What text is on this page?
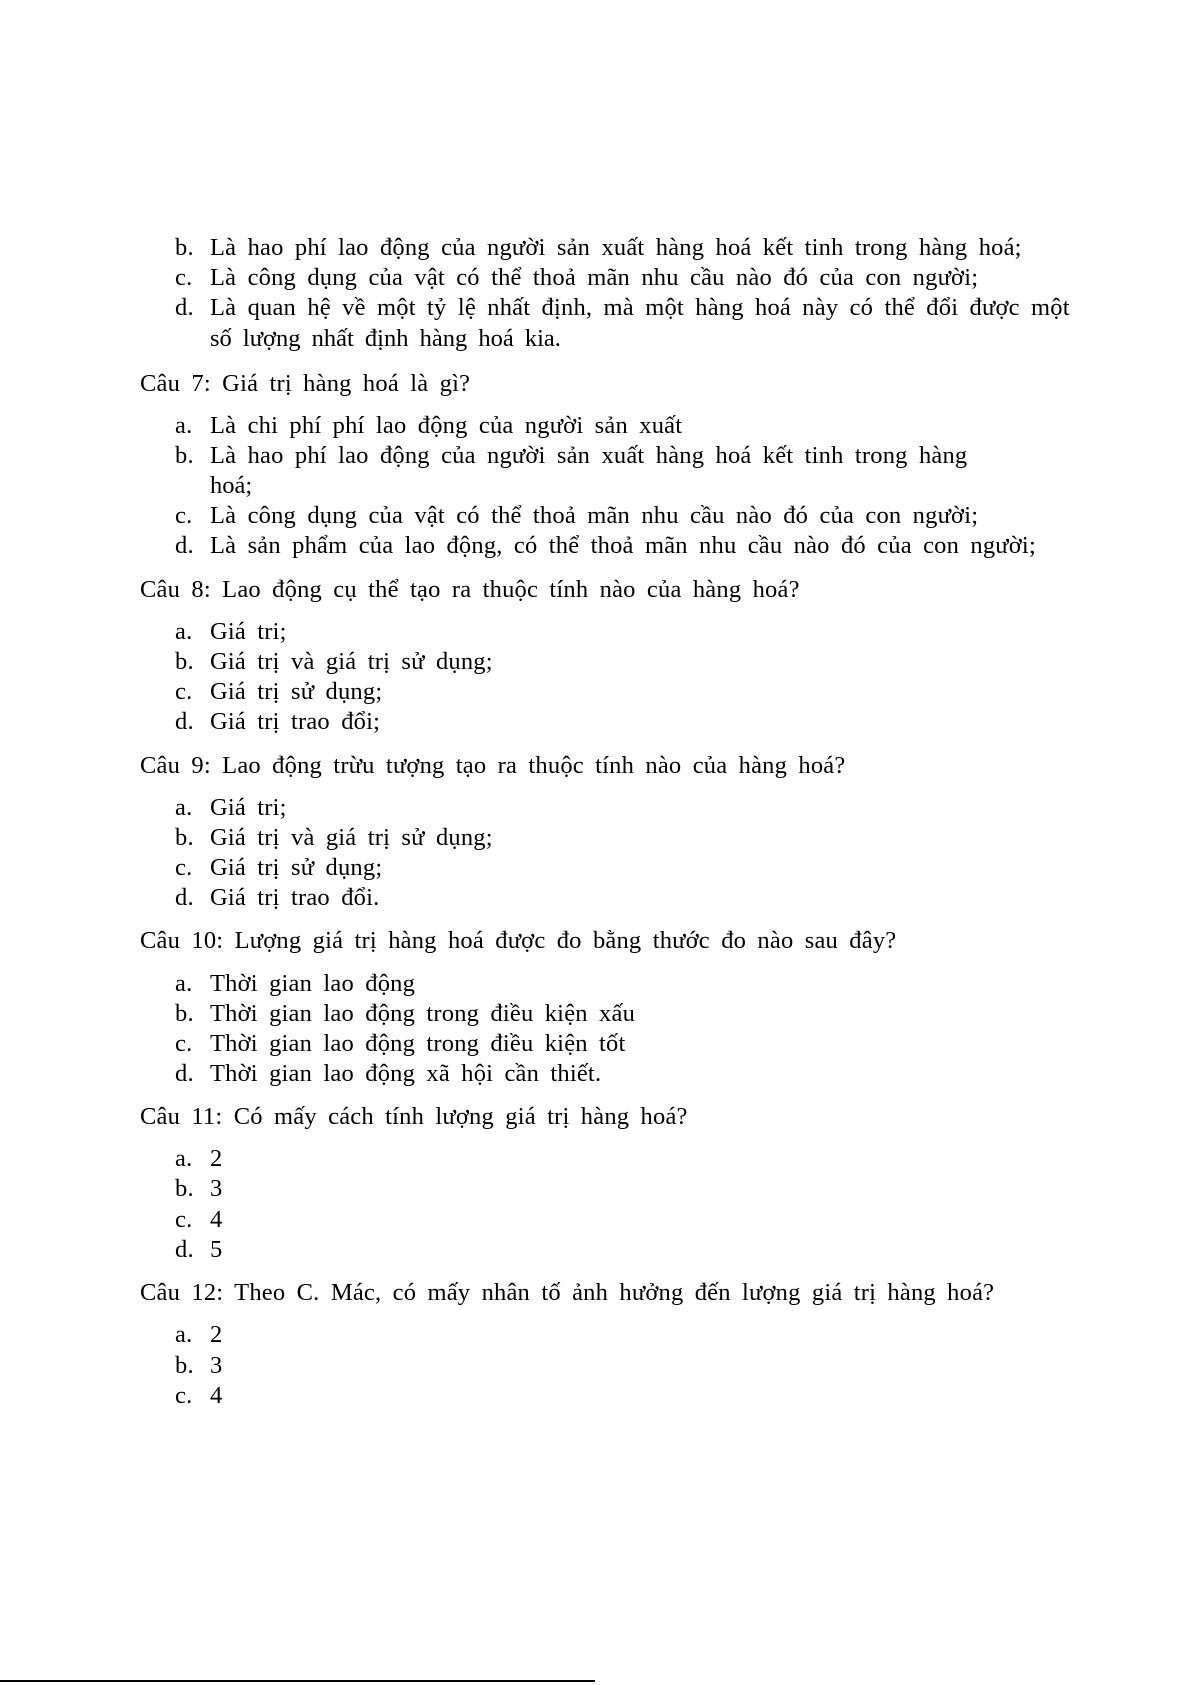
b. Là hao phí lao động của người sản xuất hàng hoá kết tinh trong hàng hoá;
c. Là công dụng của vật có thể thoả mãn nhu cầu nào đó của con người;
d. Là quan hệ về một tỷ lệ nhất định, mà một hàng hoá này có thể đổi được một
số lượng nhất định hàng hoá kia.
Câu 7: Giá trị hàng hoá là gì?
a. Là chi phí phí lao động của người sản xuất
b. Là hao phí lao động của người sản xuất hàng hoá kết tinh trong hàng
hoá;
c. Là công dụng của vật có thể thoả mãn nhu cầu nào đó của con người;
d. Là sản phẩm của lao động, có thể thoả mãn nhu cầu nào đó của con người;
Câu 8: Lao động cụ thể tạo ra thuộc tính nào của hàng hoá?
a. Giá tri;
b. Giá trị và giá trị sử dụng;
c. Giá trị sử dụng;
d. Giá trị trao đổi;
Câu 9: Lao động trừu tượng tạo ra thuộc tính nào của hàng hoá?
a. Giá tri;
b. Giá trị và giá trị sử dụng;
c. Giá trị sử dụng;
d. Giá trị trao đổi.
Câu 10: Lượng giá trị hàng hoá được đo bằng thước đo nào sau đây?
a. Thời gian lao động
b. Thời gian lao động trong điều kiện xấu
c. Thời gian lao động trong điều kiện tốt
d. Thời gian lao động xã hội cần thiết.
Câu 11: Có mấy cách tính lượng giá trị hàng hoá?
a. 2
b. 3
c. 4
d. 5
Câu 12: Theo C. Mác, có mấy nhân tố ảnh hưởng đến lượng giá trị hàng hoá?
a. 2
b. 3
c. 4
